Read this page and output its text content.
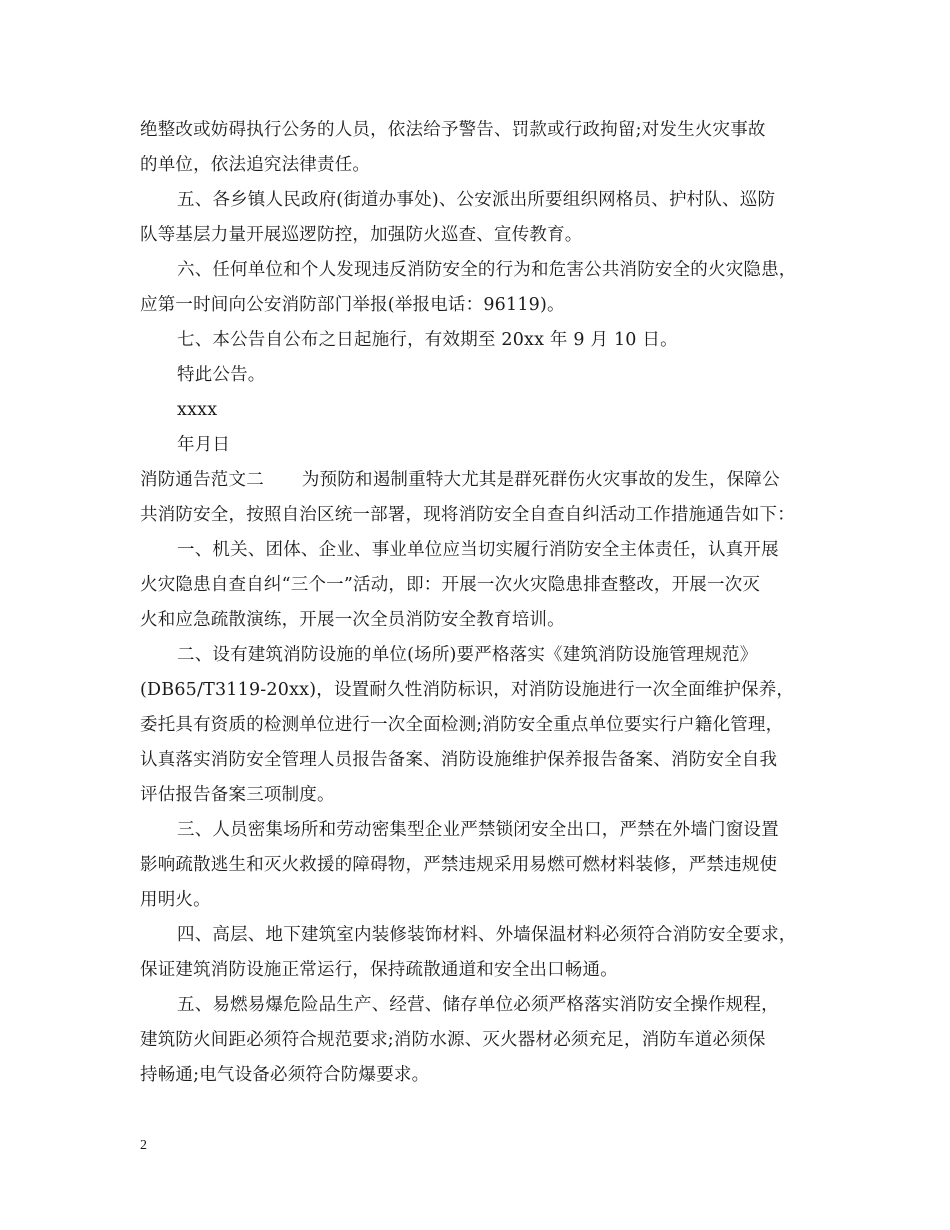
绝整改或妨碍执行公务的人员，依法给予警告、罚款或行政拘留;对发生火灾事故
的单位，依法追究法律责任。
五、各乡镇人民政府(街道办事处)、公安派出所要组织网格员、护村队、巡防
队等基层力量开展巡逻防控，加强防火巡查、宣传教育。
六、任何单位和个人发现违反消防安全的行为和危害公共消防安全的火灾隐患，
应第一时间向公安消防部门举报(举报电话：96119)。
七、本公告自公布之日起施行，有效期至 20xx 年 9 月 10 日。
特此公告。
xxxx
年月日
消防通告范文二 为预防和遏制重特大尤其是群死群伤火灾事故的发生，保障公
共消防安全，按照自治区统一部署，现将消防安全自查自纠活动工作措施通告如下：
一、机关、团体、企业、事业单位应当切实履行消防安全主体责任，认真开展
火灾隐患自查自纠“三个一”活动，即：开展一次火灾隐患排查整改，开展一次灭
火和应急疏散演练，开展一次全员消防安全教育培训。
二、设有建筑消防设施的单位(场所)要严格落实《建筑消防设施管理规范》
(DB65/T3119-20xx)，设置耐久性消防标识，对消防设施进行一次全面维护保养，
委托具有资质的检测单位进行一次全面检测;消防安全重点单位要实行户籍化管理，
认真落实消防安全管理人员报告备案、消防设施维护保养报告备案、消防安全自我
评估报告备案三项制度。
三、人员密集场所和劳动密集型企业严禁锁闭安全出口，严禁在外墙门窗设置
影响疏散逃生和灭火救援的障碍物，严禁违规采用易燃可燃材料装修，严禁违规使
用明火。
四、高层、地下建筑室内装修装饰材料、外墙保温材料必须符合消防安全要求，
保证建筑消防设施正常运行，保持疏散通道和安全出口畅通。
五、易燃易爆危险品生产、经营、储存单位必须严格落实消防安全操作规程，
建筑防火间距必须符合规范要求;消防水源、灭火器材必须充足，消防车道必须保
持畅通;电气设备必须符合防爆要求。
2
